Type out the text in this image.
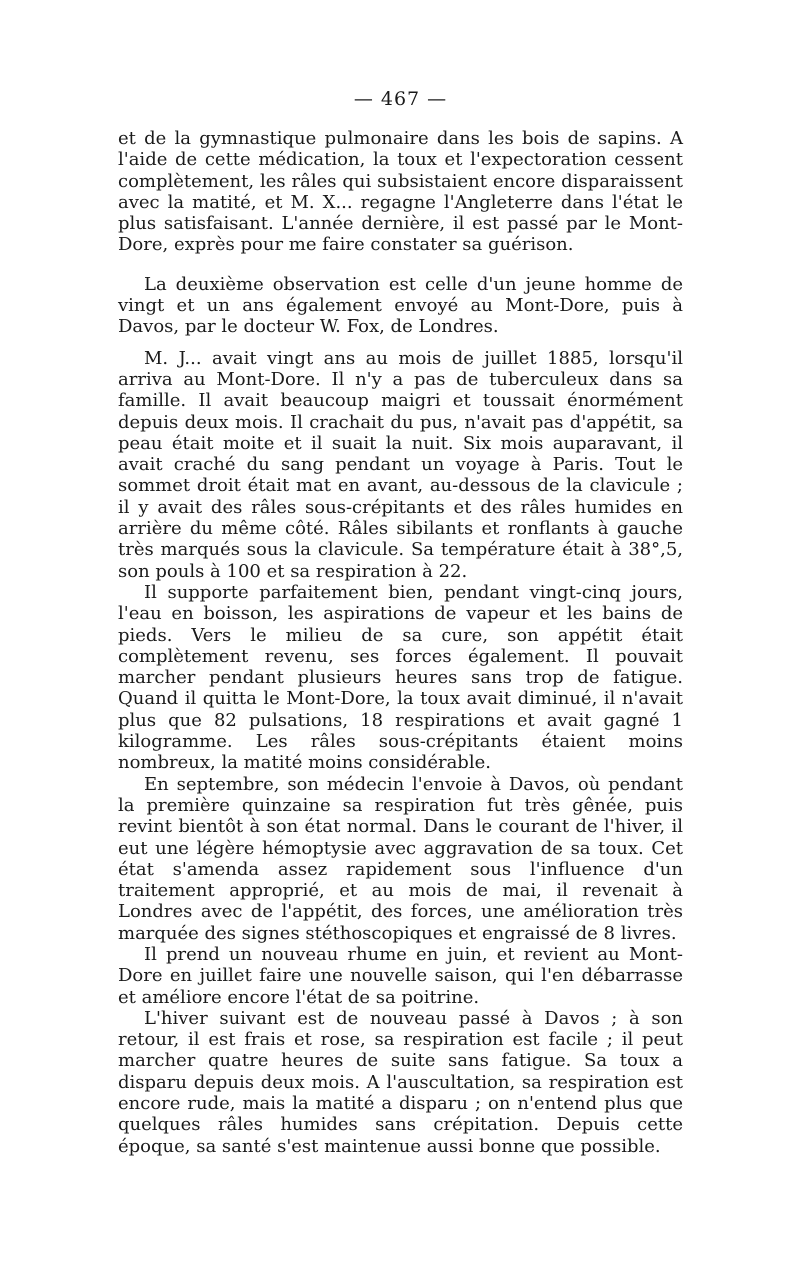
— 467 —

et de la gymnastique pulmonaire dans les bois de sapins. A l'aide de cette médication, la toux et l'expectoration cessent complètement, les râles qui subsistaient encore disparaissent avec la matité, et M. X... regagne l'Angleterre dans l'état le plus satisfaisant. L'année dernière, il est passé par le Mont-Dore, exprès pour me faire constater sa guérison.

La deuxième observation est celle d'un jeune homme de vingt et un ans également envoyé au Mont-Dore, puis à Davos, par le docteur W. Fox, de Londres.

M. J... avait vingt ans au mois de juillet 1885, lorsqu'il arriva au Mont-Dore. Il n'y a pas de tuberculeux dans sa famille. Il avait beaucoup maigri et toussait énormément depuis deux mois. Il crachait du pus, n'avait pas d'appétit, sa peau était moite et il suait la nuit. Six mois auparavant, il avait craché du sang pendant un voyage à Paris. Tout le sommet droit était mat en avant, au-dessous de la clavicule ; il y avait des râles sous-crépitants et des râles humides en arrière du même côté. Râles sibilants et ronflants à gauche très marqués sous la clavicule. Sa température était à 38°,5, son pouls à 100 et sa respiration à 22.

Il supporte parfaitement bien, pendant vingt-cinq jours, l'eau en boisson, les aspirations de vapeur et les bains de pieds. Vers le milieu de sa cure, son appétit était complètement revenu, ses forces également. Il pouvait marcher pendant plusieurs heures sans trop de fatigue. Quand il quitta le Mont-Dore, la toux avait diminué, il n'avait plus que 82 pulsations, 18 respirations et avait gagné 1 kilogramme. Les râles sous-crépitants étaient moins nombreux, la matité moins considérable.

En septembre, son médecin l'envoie à Davos, où pendant la première quinzaine sa respiration fut très gênée, puis revint bientôt à son état normal. Dans le courant de l'hiver, il eut une légère hémoptysie avec aggravation de sa toux. Cet état s'amenda assez rapidement sous l'influence d'un traitement approprié, et au mois de mai, il revenait à Londres avec de l'appétit, des forces, une amélioration très marquée des signes stéthoscopiques et engraissé de 8 livres.

Il prend un nouveau rhume en juin, et revient au Mont-Dore en juillet faire une nouvelle saison, qui l'en débarrasse et améliore encore l'état de sa poitrine.

L'hiver suivant est de nouveau passé à Davos ; à son retour, il est frais et rose, sa respiration est facile ; il peut marcher quatre heures de suite sans fatigue. Sa toux a disparu depuis deux mois. A l'auscultation, sa respiration est encore rude, mais la matité a disparu ; on n'entend plus que quelques râles humides sans crépitation. Depuis cette époque, sa santé s'est maintenue aussi bonne que possible.
